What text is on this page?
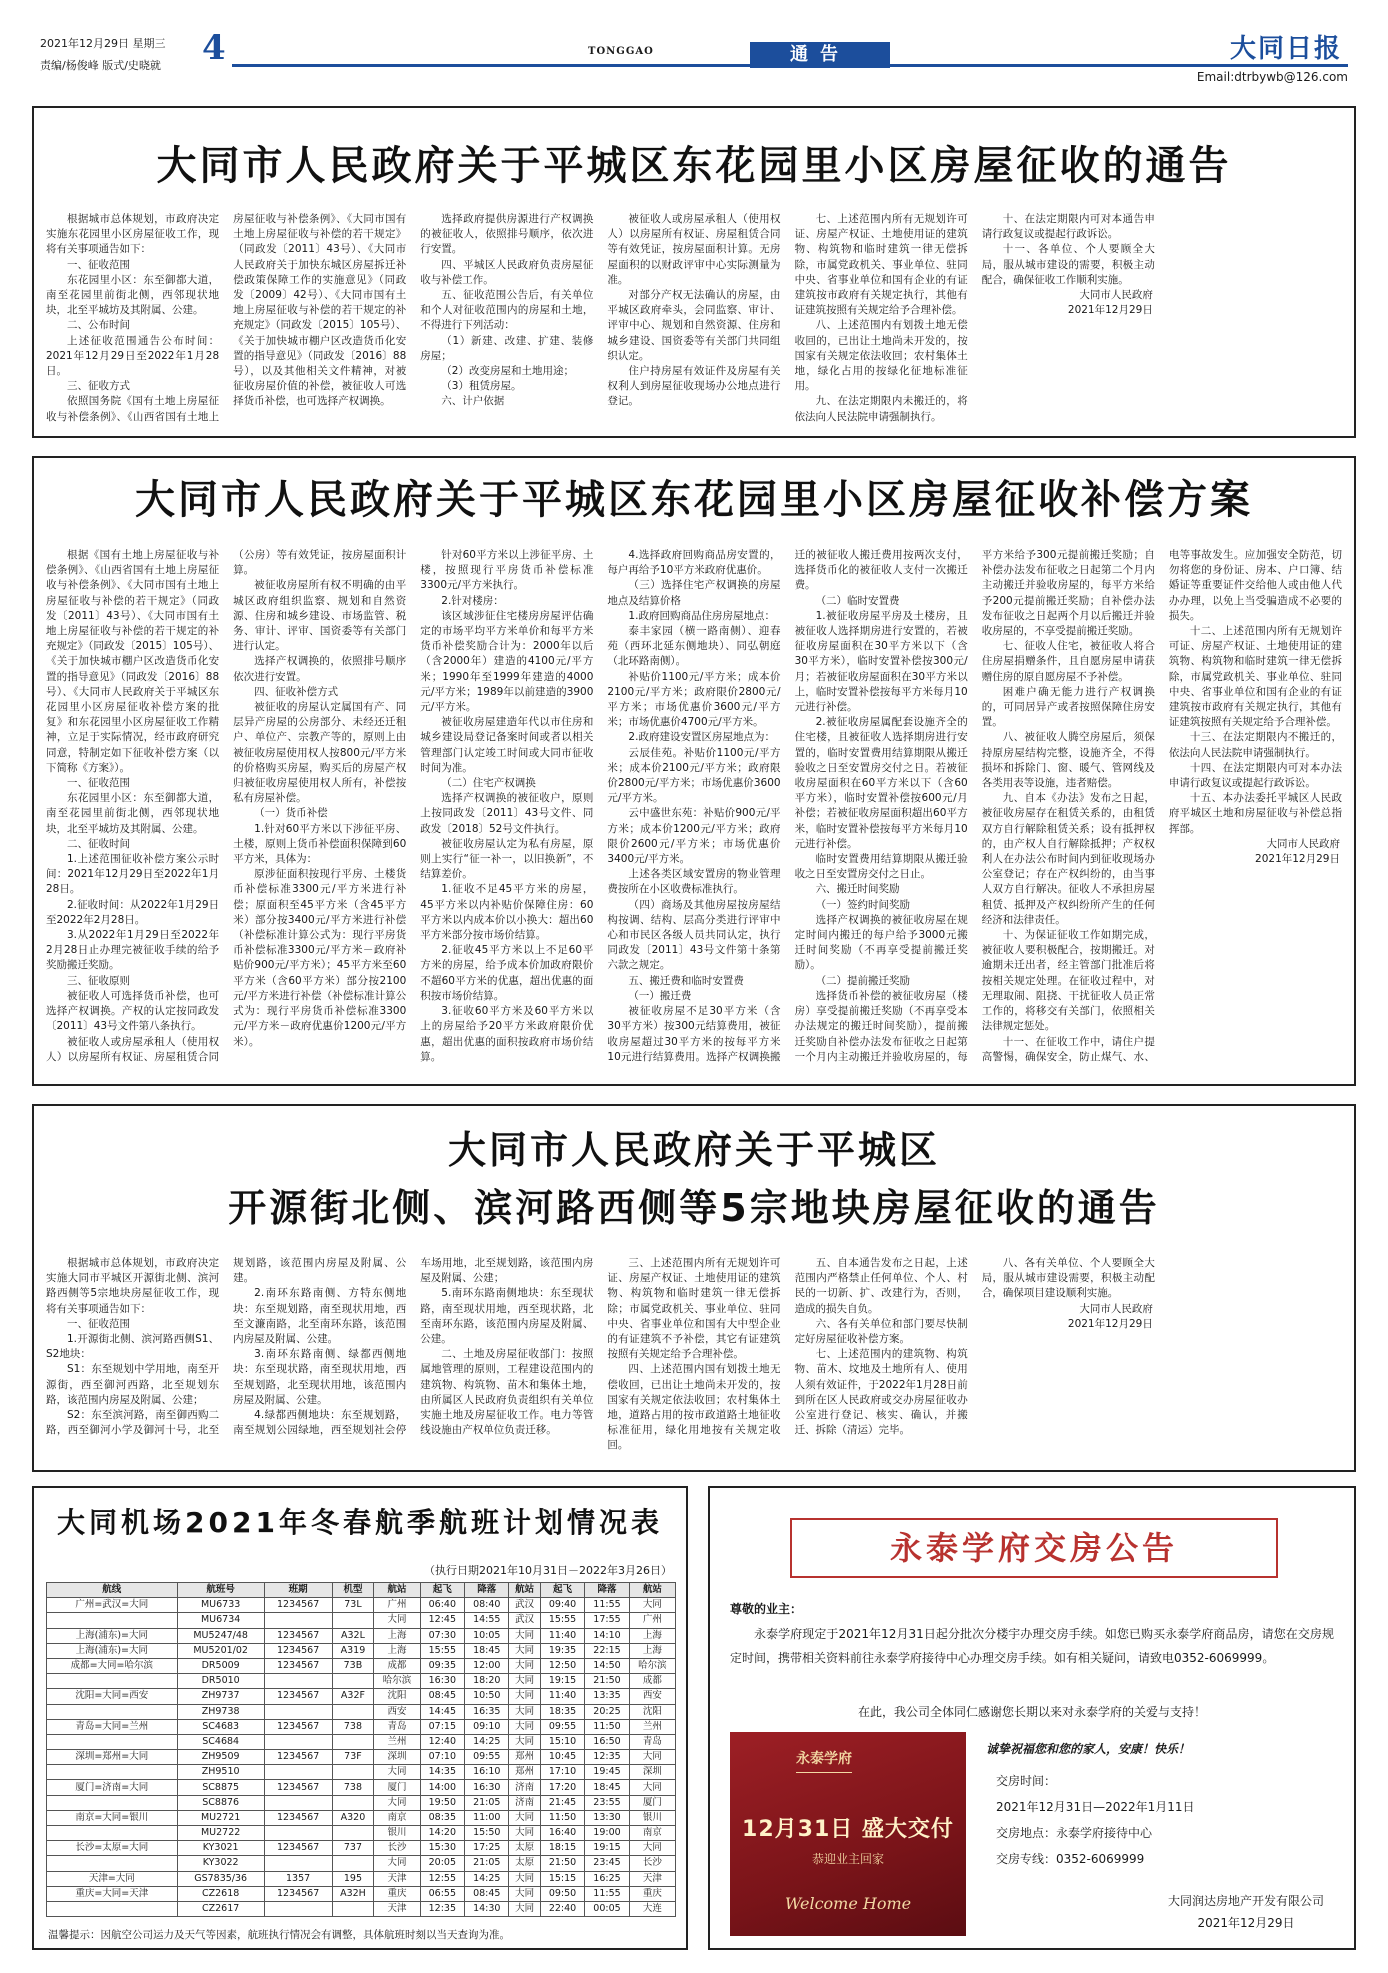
2021年12月29日 星期三
责编/杨俊峰 版式/史晓就 4	TONGGAO	通告	大同日报
Email:dtrbywb@126.com
大同市人民政府关于平城区东花园里小区房屋征收的通告

根据城市总体规划，市政府决定实施东花园里小区房屋征收工作，现将有关事项通告如下：

一、征收范围

东花园里小区：东至御都大道，南至花园里前街北侧，西邻现状地块，北至平城坊及其附属、公建。

二、公布时间

上述征收范围通告公布时间：2021年12月29日至2022年1月28日。

三、征收方式

依照国务院《国有土地上房屋征收与补偿条例》、《山西省国有土地上房屋征收与补偿条例》、《大同市国有土地上房屋征收与补偿的若干规定》（同政发〔2011〕43号）、《大同市人民政府关于加快东城区房屋拆迁补偿政策保障工作的实施意见》（同政发〔2009〕42号）、《大同市国有土地上房屋征收与补偿的若干规定的补充规定》（同政发〔2015〕105号）、《关于加快城市棚户区改造货币化安置的指导意见》（同政发〔2016〕88号），以及其他相关文件精神，对被征收房屋价值的补偿，被征收人可选择货币补偿，也可选择产权调换。

选择政府提供房源进行产权调换的被征收人，依照排号顺序，依次进行安置。

四、平城区人民政府负责房屋征收与补偿工作。

五、征收范围公告后，有关单位和个人对征收范围内的房屋和土地，不得进行下列活动：

（1）新建、改建、扩建、装修房屋；

（2）改变房屋和土地用途；

（3）租赁房屋。

六、计户依据

被征收人或房屋承租人（使用权人）以房屋所有权证、房屋租赁合同等有效凭证，按房屋面积计算。无房屋面积的以财政评审中心实际测量为准。

对部分产权无法确认的房屋，由平城区政府牵头，会同监察、审计、评审中心、规划和自然资源、住房和城乡建设、国资委等有关部门共同组织认定。

住户持房屋有效证件及房屋有关权利人到房屋征收现场办公地点进行登记。

七、上述范围内所有无规划许可证、房屋产权证、土地使用证的建筑物、构筑物和临时建筑一律无偿拆除，市属党政机关、事业单位、驻同中央、省事业单位和国有企业的有证建筑按市政府有关规定执行，其他有证建筑按照有关规定给予合理补偿。

八、上述范围内有划拨土地无偿收回的，已出让土地尚未开发的，按国家有关规定依法收回；农村集体土地，绿化占用的按绿化征地标准征用。

九、在法定期限内未搬迁的，将依法向人民法院申请强制执行。

十、在法定期限内可对本通告申请行政复议或提起行政诉讼。

十一、各单位、个人要顾全大局，服从城市建设的需要，积极主动配合，确保征收工作顺利实施。

大同市人民政府

2021年12月29日

大同市人民政府关于平城区东花园里小区房屋征收补偿方案

根据《国有土地上房屋征收与补偿条例》、《山西省国有土地上房屋征收与补偿条例》、《大同市国有土地上房屋征收与补偿的若干规定》（同政发〔2011〕43号）、《大同市国有土地上房屋征收与补偿的若干规定的补充规定》（同政发〔2015〕105号）、《关于加快城市棚户区改造货币化安置的指导意见》（同政发〔2016〕88号）、《大同市人民政府关于平城区东花园里小区房屋征收补偿方案的批复》和东花园里小区房屋征收工作精神，立足于实际情况，经市政府研究同意，特制定如下征收补偿方案（以下简称《方案》）。

一、征收范围

东花园里小区：东至御都大道，南至花园里前街北侧，西邻现状地块，北至平城坊及其附属、公建。

二、征收时间

1.上述范围征收补偿方案公示时间：2021年12月29日至2022年1月28日。

2.征收时间：从2022年1月29日至2022年2月28日。

3.从2022年1月29日至2022年2月28日止办理完被征收手续的给予奖励搬迁奖励。

三、征收原则

被征收人可选择货币补偿，也可选择产权调换。产权的认定按同政发〔2011〕43号文件第八条执行。

被征收人或房屋承租人（使用权人）以房屋所有权证、房屋租赁合同（公房）等有效凭证，按房屋面积计算。

被征收房屋所有权不明确的由平城区政府组织监察、规划和自然资源、住房和城乡建设、市场监管、税务、审计、评审、国资委等有关部门进行认定。

选择产权调换的，依照排号顺序依次进行安置。

四、征收补偿方式

被征收的房屋认定属国有产、同层异产房屋的公房部分、未经还迁租户、单位产、宗教产等的，原则上由被征收房屋使用权人按800元/平方米的价格购买房屋，购买后的房屋产权归被征收房屋使用权人所有，补偿按私有房屋补偿。

（一）货币补偿

1.针对60平方米以下涉征平房、土楼，原则上货币补偿面积保障到60平方米，具体为：

原涉征面积按现行平房、土楼货币补偿标准3300元/平方米进行补偿；原面积至45平方米（含45平方米）部分按3400元/平方米进行补偿（补偿标准计算公式为：现行平房货币补偿标准3300元/平方米－政府补贴价900元/平方米）；45平方米至60平方米（含60平方米）部分按2100元/平方米进行补偿（补偿标准计算公式为：现行平房货币补偿标准3300元/平方米－政府优惠价1200元/平方米）。

针对60平方米以上涉征平房、土楼，按照现行平房货币补偿标准3300元/平方米执行。

2.针对楼房：

该区域涉征住宅楼房房屋评估确定的市场平均平方米单价和每平方米货币补偿奖励合计为：2000年以后（含2000年）建造的4100元/平方米；1990年至1999年建造的4000元/平方米；1989年以前建造的3900元/平方米。

被征收房屋建造年代以市住房和城乡建设局登记备案时间或者以相关管理部门认定竣工时间或大同市征收时间为准。

（二）住宅产权调换

选择产权调换的被征收户，原则上按同政发〔2011〕43号文件、同政发〔2018〕52号文件执行。

被征收房屋认定为私有房屋，原则上实行“征一补一，以旧换新”，不结算差价。

1.征收不足45平方米的房屋，45平方米以内补贴价保障住房：60平方米以内成本价以小换大：超出60平方米部分按市场价结算。

2.征收45平方米以上不足60平方米的房屋，给予成本价加政府限价不超60平方米的优惠，超出优惠的面积按市场价结算。

3.征收60平方米及60平方米以上的房屋给予20平方米政府限价优惠，超出优惠的面积按政府市场价结算。

4.选择政府回购商品房安置的，每户再给予10平方米政府优惠价。

（三）选择住宅产权调换的房屋地点及结算价格

1.政府回购商品住房房屋地点：

泰丰家园（横一路南侧）、迎春苑（西环北延东侧地块）、同弘朝庭（北环路南侧）。

补贴价1100元/平方米；成本价2100元/平方米；政府限价2800元/平方米；市场优惠价3600元/平方米；市场优惠价4700元/平方米。

2.政府建设安置区房屋地点为：

云辰佳苑。补贴价1100元/平方米；成本价2100元/平方米；政府限价2800元/平方米；市场优惠价3600元/平方米。

云中盛世东苑：补贴价900元/平方米；成本价1200元/平方米；政府限价2600元/平方米；市场优惠价3400元/平方米。

上述各类区域安置房的物业管理费按所在小区收费标准执行。

（四）商场及其他房屋按房屋结构按调、结构、层高分类进行评审中心和市民区各级人员共同认定，执行同政发〔2011〕43号文件第十条第六款之规定。

五、搬迁费和临时安置费

（一）搬迁费

被征收房屋不足30平方米（含30平方米）按300元结算费用，被征收房屋超过30平方米的按每平方米10元进行结算费用。选择产权调换搬迁的被征收人搬迁费用按两次支付，选择货币化的被征收人支付一次搬迁费。

（二）临时安置费

1.被征收房屋平房及土楼房，且被征收人选择期房进行安置的，若被征收房屋面积在30平方米以下（含30平方米），临时安置补偿按300元/月；若被征收房屋面积在30平方米以上，临时安置补偿按每平方米每月10元进行补偿。

2.被征收房屋属配套设施齐全的住宅楼，且被征收人选择期房进行安置的，临时安置费用结算期限从搬迁验收之日至安置房交付之日。若被征收房屋面积在60平方米以下（含60平方米），临时安置补偿按600元/月补偿；若被征收房屋面积超出60平方米，临时安置补偿按每平方米每月10元进行补偿。

临时安置费用结算期限从搬迁验收之日至安置房交付之日止。

六、搬迁时间奖励

（一）签约时间奖励

选择产权调换的被征收房屋在规定时间内搬迁的每户给予3000元搬迁时间奖励（不再享受提前搬迁奖励）。

（二）提前搬迁奖励

选择货币补偿的被征收房屋（楼房）享受提前搬迁奖励（不再享受本办法规定的搬迁时间奖励），提前搬迁奖励自补偿办法发布征收之日起第一个月内主动搬迁并验收房屋的，每平方米给予300元提前搬迁奖励；自补偿办法发布征收之日起第二个月内主动搬迁并验收房屋的，每平方米给予200元提前搬迁奖励；自补偿办法发布征收之日起两个月以后搬迁并验收房屋的，不享受提前搬迁奖励。

七、征收人住宅，被征收人将合住房屋捐赠条件，且自愿房屋申请获赠住房的原自愿房屋不予补偿。

困难户确无能力进行产权调换的，可同居异产或者按照保障住房安置。

八、被征收人腾空房屋后，须保持原房屋结构完整，设施齐全，不得损坏和拆除门、窗、暖气、管网线及各类用表等设施，违者赔偿。

九、自本《办法》发布之日起，被征收房屋存在租赁关系的，由租赁双方自行解除租赁关系；设有抵押权的，由产权人自行解除抵押；产权权利人在办法公布时间内到征收现场办公室登记；存在产权纠纷的，由当事人双方自行解决。征收人不承担房屋租赁、抵押及产权纠纷所产生的任何经济和法律责任。

十、为保证征收工作如期完成，被征收人要积极配合，按期搬迁。对逾期未迁出者，经主管部门批准后将按相关规定处理。在征收过程中，对无理取闹、阻挠、干扰征收人员正常工作的，将移交有关部门，依照相关法律规定惩处。

十一、在征收工作中，请住户提高警惕，确保安全，防止煤气、水、电等事故发生。应加强安全防范，切勿将您的身份证、房本、户口簿、结婚证等重要证件交给他人或由他人代办办理，以免上当受骗造成不必要的损失。

十二、上述范围内所有无规划许可证、房屋产权证、土地使用证的建筑物、构筑物和临时建筑一律无偿拆除，市属党政机关、事业单位、驻同中央、省事业单位和国有企业的有证建筑按市政府有关规定执行，其他有证建筑按照有关规定给予合理补偿。

十三、在法定期限内不搬迁的，依法向人民法院申请强制执行。

十四、在法定期限内可对本办法申请行政复议或提起行政诉讼。

十五、本办法委托平城区人民政府平城区土地和房屋征收与补偿总指挥部。

大同市人民政府

2021年12月29日

大同市人民政府关于平城区
开源街北侧、滨河路西侧等5宗地块房屋征收的通告

根据城市总体规划，市政府决定实施大同市平城区开源街北侧、滨河路西侧等5宗地块房屋征收工作，现将有关事项通告如下：

一、征收范围

1.开源街北侧、滨河路西侧S1、S2地块：

S1：东至规划中学用地，南至开源街，西至御河西路，北至规划东路，该范围内房屋及附属、公建；

S2：东至滨河路，南至御西购二路，西至御河小学及御河十号，北至规划路，该范围内房屋及附属、公建。

2.南环东路南侧、方特东侧地块：东至规划路，南至现状用地，西至文濂南路，北至南环东路，该范围内房屋及附属、公建。

3.南环东路南侧、绿都西侧地块：东至现状路，南至现状用地，西至规划路，北至现状用地，该范围内房屋及附属、公建。

4.绿都西侧地块：东至规划路，南至规划公园绿地，西至规划社会停车场用地，北至规划路，该范围内房屋及附属、公建；

5.南环东路南侧地块：东至现状路，南至现状用地，西至现状路，北至南环东路，该范围内房屋及附属、公建。

二、土地及房屋征收部门：按照属地管理的原则，工程建设范围内的建筑物、构筑物、苗木和集体土地，由所属区人民政府负责组织有关单位实施土地及房屋征收工作。电力等管线设施由产权单位负责迁移。

三、上述范围内所有无规划许可证、房屋产权证、土地使用证的建筑物、构筑物和临时建筑一律无偿拆除；市属党政机关、事业单位、驻同中央、省事业单位和国有大中型企业的有证建筑不予补偿，其它有证建筑按照有关规定给予合理补偿。

四、上述范围内国有划拨土地无偿收回，已出让土地尚未开发的，按国家有关规定依法收回；农村集体土地，道路占用的按市政道路土地征收标准征用，绿化用地按有关规定收回。

五、自本通告发布之日起，上述范围内严格禁止任何单位、个人、村民的一切新、扩、改建行为，否则，造成的损失自负。

六、各有关单位和部门要尽快制定好房屋征收补偿方案。

七、上述范围内的建筑物、构筑物、苗木、坟地及土地所有人、使用人须有效证件，于2022年1月28日前到所在区人民政府或交办房屋征收办公室进行登记、核实、确认，并搬迁、拆除（清运）完毕。

八、各有关单位、个人要顾全大局，服从城市建设需要，积极主动配合，确保项目建设顺利实施。

大同市人民政府

2021年12月29日

大同机场2021年冬春航季航班计划情况表
（执行日期2021年10月31日－2022年3月26日）
航线	航班号	班期	机型	航站	起飞	降落	航站	起飞	降落	航站
广州=武汉=大同	MU6733	1234567	73L	广州	06:40	08:40	武汉	09:40	11:55	大同
	MU6734			大同	12:45	14:55	武汉	15:55	17:55	广州
上海(浦东)=大同	MU5247/48	1234567	A32L	上海	07:30	10:05	大同	11:40	14:10	上海
上海(浦东)=大同	MU5201/02	1234567	A319	上海	15:55	18:45	大同	19:35	22:15	上海
成都=大同=哈尔滨	DR5009	1234567	73B	成都	09:35	12:00	大同	12:50	14:50	哈尔滨
	DR5010			哈尔滨	16:30	18:20	大同	19:15	21:50	成都
沈阳=大同=西安	ZH9737	1234567	A32F	沈阳	08:45	10:50	大同	11:40	13:35	西安
	ZH9738			西安	14:45	16:35	大同	18:35	20:25	沈阳
青岛=大同=兰州	SC4683	1234567	738	青岛	07:15	09:10	大同	09:55	11:50	兰州
	SC4684			兰州	12:40	14:25	大同	15:10	16:50	青岛
深圳=郑州=大同	ZH9509	1234567	73F	深圳	07:10	09:55	郑州	10:45	12:35	大同
	ZH9510			大同	14:35	16:10	郑州	17:10	19:45	深圳
厦门=济南=大同	SC8875	1234567	738	厦门	14:00	16:30	济南	17:20	18:45	大同
	SC8876			大同	19:50	21:05	济南	21:45	23:55	厦门
南京=大同=银川	MU2721	1234567	A320	南京	08:35	11:00	大同	11:50	13:30	银川
	MU2722			银川	14:20	15:50	大同	16:40	19:00	南京
长沙=太原=大同	KY3021	1234567	737	长沙	15:30	17:25	太原	18:15	19:15	大同
	KY3022			大同	20:05	21:05	太原	21:50	23:45	长沙
天津=大同	GS7835/36	1357	195	天津	12:55	14:25	大同	15:15	16:25	天津
重庆=大同=天津	CZ2618	1234567	A32H	重庆	06:55	08:45	大同	09:50	11:55	重庆
	CZ2617			天津	12:35	14:30	大同	22:40	00:05	大连
温馨提示：因航空公司运力及天气等因素，航班执行情况会有调整，具体航班时刻以当天查询为准。
永泰学府交房公告
尊敬的业主：
永泰学府现定于2021年12月31日起分批次分楼宇办理交房手续。如您已购买永泰学府商品房，请您在交房规定时间，携带相关资料前往永泰学府接待中心办理交房手续。如有相关疑问，请致电0352-6069999。
在此，我公司全体同仁感谢您长期以来对永泰学府的关爱与支持！
永泰学府
12月31日 盛大交付
恭迎业主回家
Welcome Home
诚挚祝福您和您的家人，安康！快乐！
交房时间：
2021年12月31日—2022年1月11日
交房地点：永泰学府接待中心
交房专线：0352-6069999
大同润达房地产开发有限公司
2021年12月29日
